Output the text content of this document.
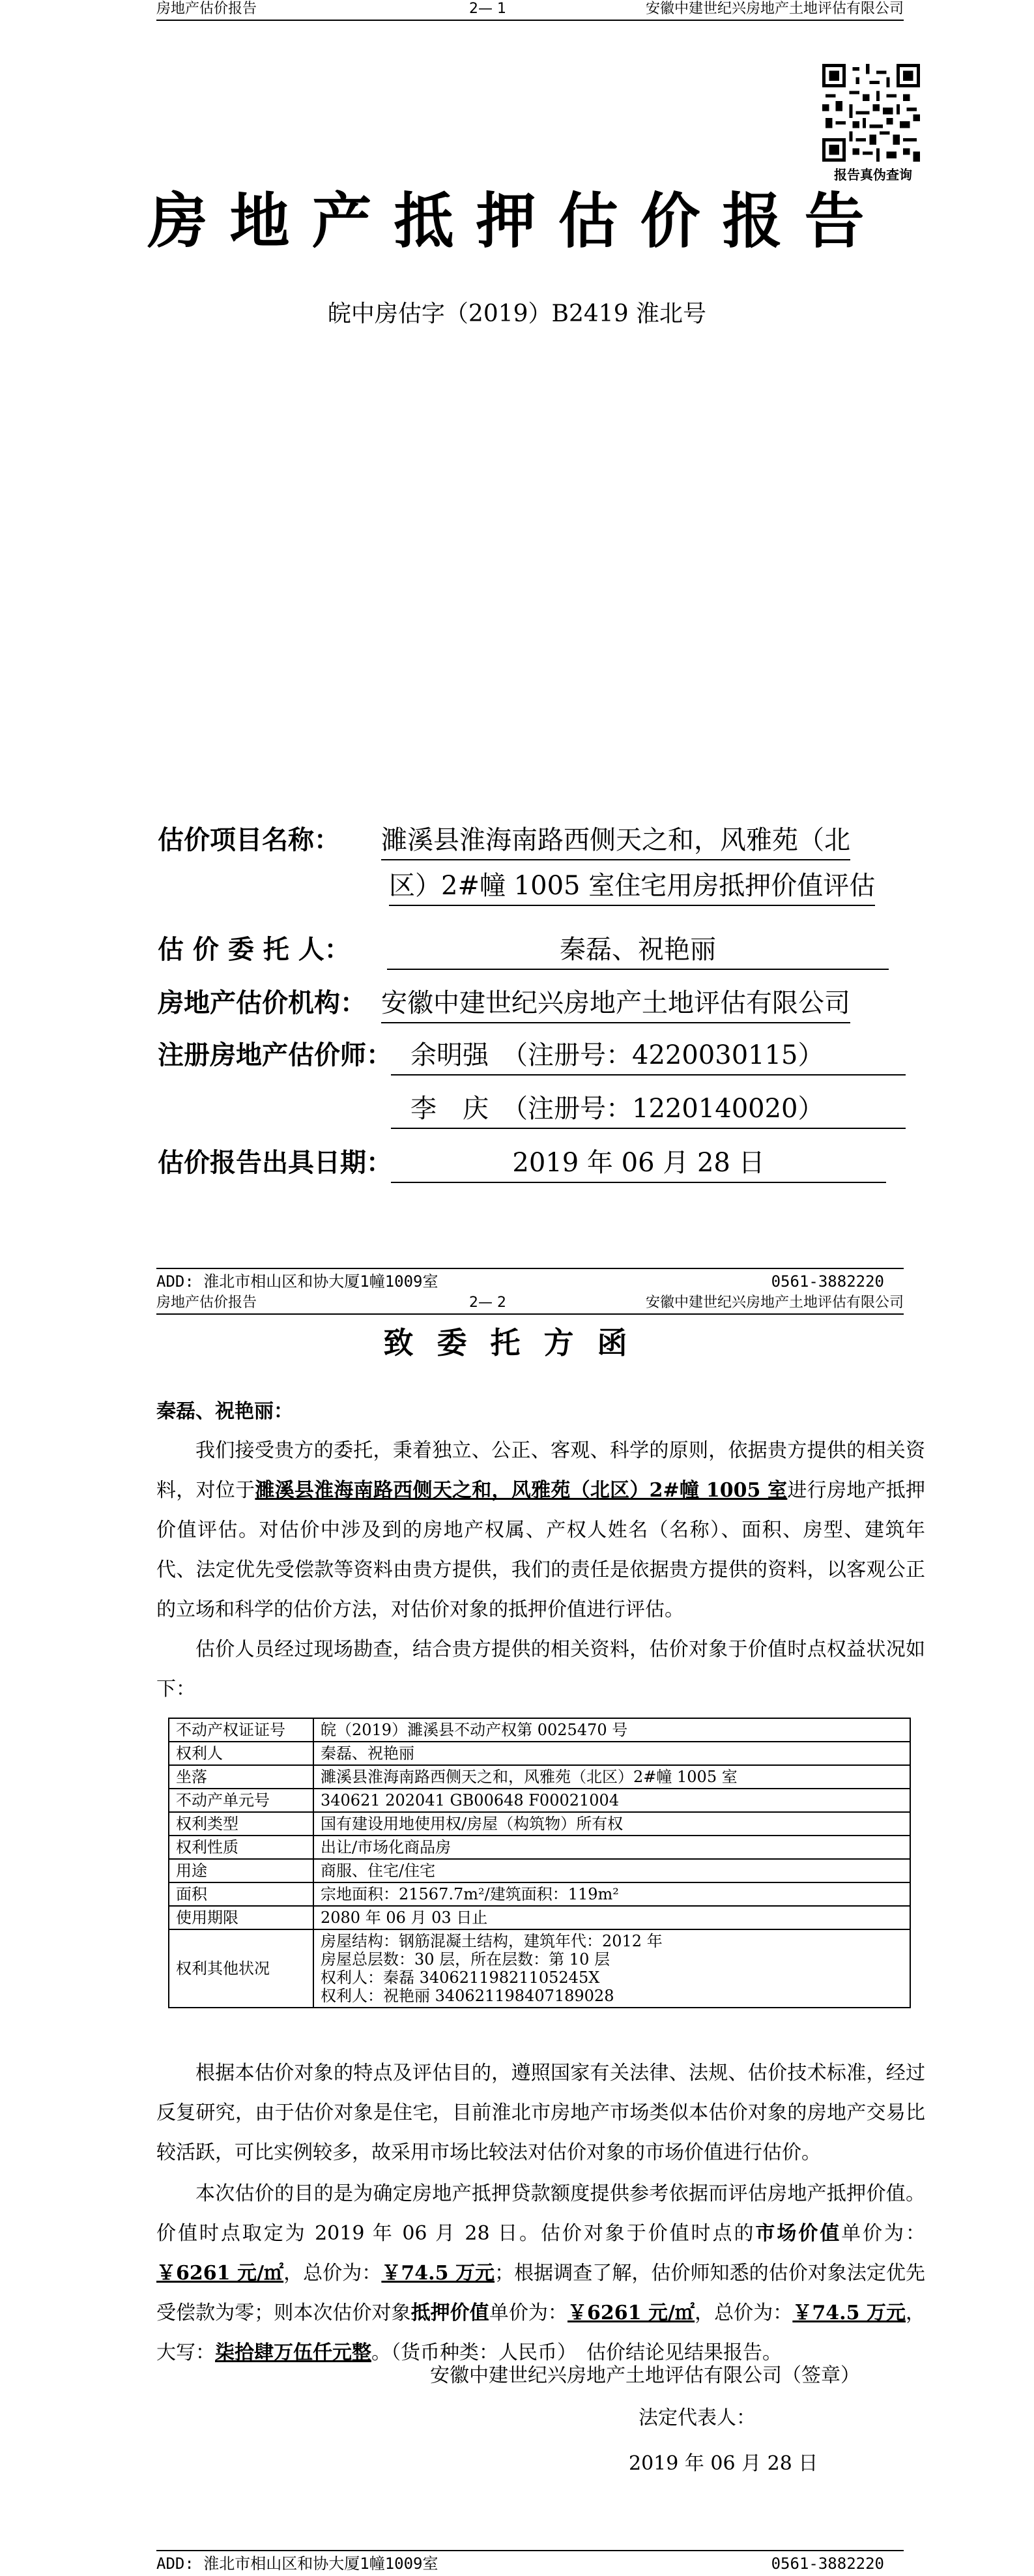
房地产估价报告	2— 1	安徽中建世纪兴房地产土地评估有限公司
报告真伪查询
房地产抵押估价报告
皖中房估字（2019）B2419 淮北号
估价项目名称： 濉溪县淮海南路西侧天之和，风雅苑（北
区）2#幢 1005 室住宅用房抵押价值评估
估 价 委 托 人：	秦磊、祝艳丽
房地产估价机构： 安徽中建世纪兴房地产土地评估有限公司
注册房地产估价师： 余明强　（注册号：4220030115）
李　庆　（注册号：1220140020）
估价报告出具日期：	2019 年 06 月 28 日
ADD: 淮北市相山区和协大厦1幢1009室	0561-3882220
房地产估价报告	2— 2	安徽中建世纪兴房地产土地评估有限公司
致委托方函
秦磊、祝艳丽：

我们接受贵方的委托，秉着独立、公正、客观、科学的原则，依据贵方提供的相关资料，对位于濉溪县淮海南路西侧天之和，风雅苑（北区）2#幢 1005 室进行房地产抵押价值评估。对估价中涉及到的房地产权属、产权人姓名（名称）、面积、房型、建筑年代、法定优先受偿款等资料由贵方提供，我们的责任是依据贵方提供的资料，以客观公正的立场和科学的估价方法，对估价对象的抵押价值进行评估。

估价人员经过现场勘查，结合贵方提供的相关资料，估价对象于价值时点权益状况如下：

不动产权证证号	皖（2019）濉溪县不动产权第 0025470 号
权利人	秦磊、祝艳丽
坐落	濉溪县淮海南路西侧天之和，风雅苑（北区）2#幢 1005 室
不动产单元号	340621 202041 GB00648 F00021004
权利类型	国有建设用地使用权/房屋（构筑物）所有权
权利性质	出让/市场化商品房
用途	商服、住宅/住宅
面积	宗地面积：21567.7m²/建筑面积：119m²
使用期限	2080 年 06 月 03 日止
权利其他状况	房屋结构：钢筋混凝土结构，建筑年代：2012 年
房屋总层数：30 层，所在层数：第 10 层
权利人：秦磊 34062119821105245X
权利人：祝艳丽 340621198407189028

根据本估价对象的特点及评估目的，遵照国家有关法律、法规、估价技术标准，经过反复研究，由于估价对象是住宅，目前淮北市房地产市场类似本估价对象的房地产交易比较活跃，可比实例较多，故采用市场比较法对估价对象的市场价值进行估价。

本次估价的目的是为确定房地产抵押贷款额度提供参考依据而评估房地产抵押价值。价值时点取定为 2019 年 06 月 28 日。估价对象于价值时点的市场价值单价为：￥6261 元/㎡，总价为：￥74.5 万元；根据调查了解，估价师知悉的估价对象法定优先受偿款为零；则本次估价对象抵押价值单价为：￥6261 元/㎡，总价为：￥74.5 万元，大写：柒拾肆万伍仟元整。（货币种类：人民币）　估价结论见结果报告。

安徽中建世纪兴房地产土地评估有限公司（签章）
法定代表人：
2019 年 06 月 28 日
ADD: 淮北市相山区和协大厦1幢1009室	0561-3882220
